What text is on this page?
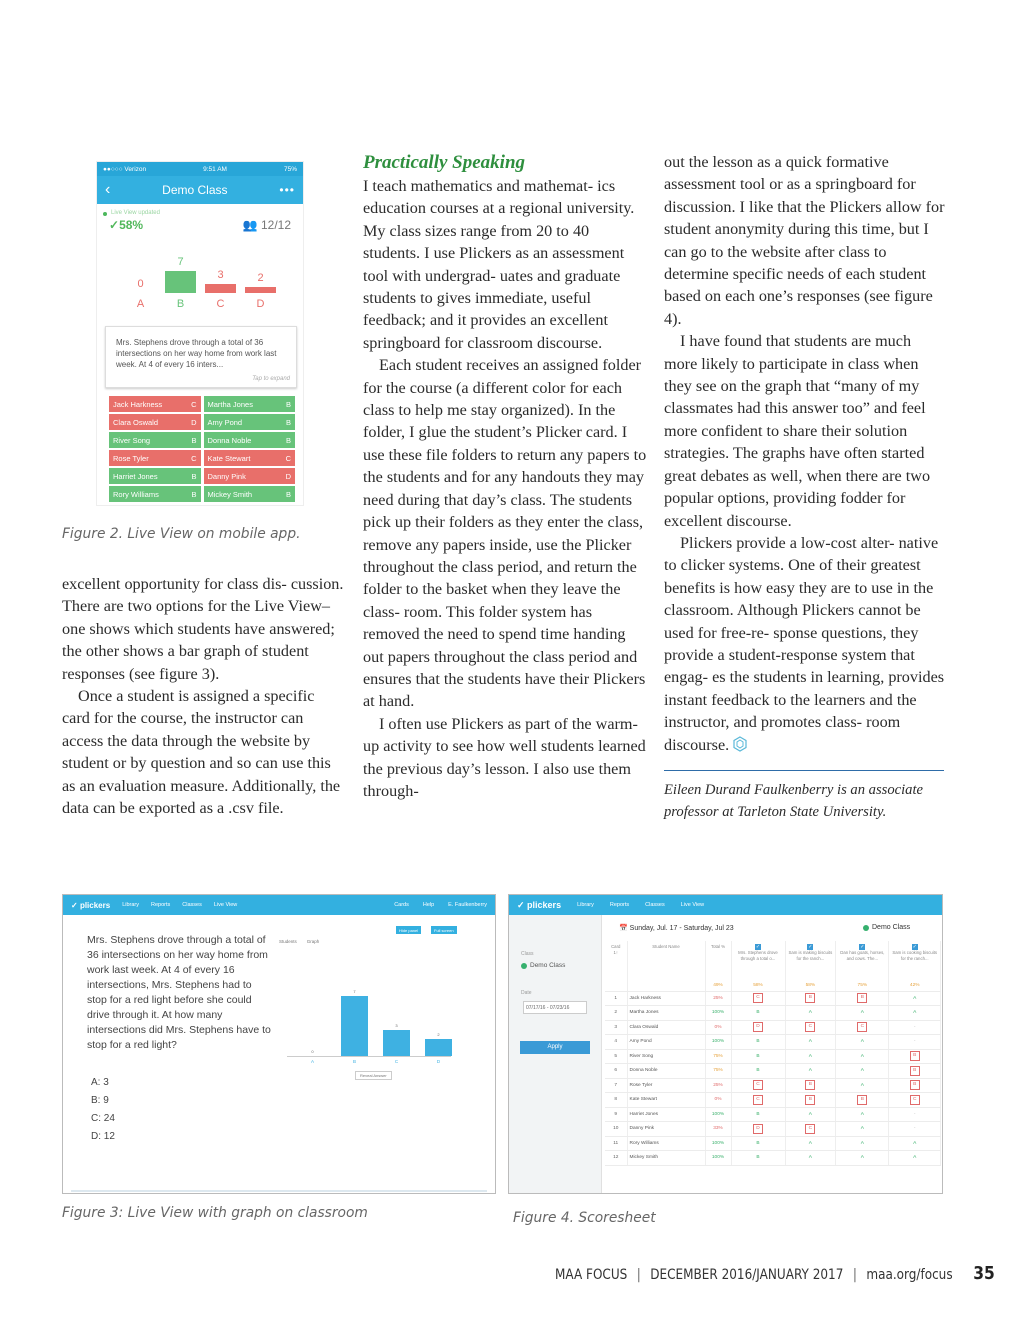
●●○○○ Verizon	9:51 AM	75%
‹	Demo Class	•••
Live View updated
✓58%	👥 12/12
0
A
7
B
3
C
2
D
Mrs. Stephens drove through a total of 36 intersections on her way home from work last week. At 4 of every 16 inters...
Tap to expand
Jack Harkness	C Martha Jones	B
Clara Oswald	D Amy Pond	B
River Song	B Donna Noble	B
Rose Tyler	C Kate Stewart	C
Harriet Jones	B Danny Pink	D
Rory Williams	B Mickey Smith	B
Figure 2. Live View on mobile app.

excellent opportunity for class dis- cussion. There are two options for the Live View–one shows which students have answered; the other shows a bar graph of student responses (see figure 3).

Once a student is assigned a specific card for the course, the instructor can access the data through the website by student or by question and so can use this as an evaluation measure. Additionally, the data can be exported as a .csv file.

Practically Speaking

I teach mathematics and mathemat- ics education courses at a regional university. My class sizes range from 20 to 40 students. I use Plickers as an assessment tool with undergrad- uates and graduate students to gives immediate, useful feedback; and it provides an excellent springboard for classroom discourse.

Each student receives an assigned folder for the course (a different color for each class to help me stay organized). In the folder, I glue the student’s Plicker card. I use these file folders to return any papers to the students and for any handouts they may need during that day’s class. The students pick up their folders as they enter the class, remove any papers inside, use the Plicker throughout the class period, and return the folder to the basket when they leave the class- room. This folder system has removed the need to spend time handing out papers throughout the class period and ensures that the students have their Plickers at hand.

I often use Plickers as part of the warm-up activity to see how well students learned the previous day’s lesson. I also use them through-

out the lesson as a quick formative assessment tool or as a springboard for discussion. I like that the Plickers allow for student anonymity during this time, but I can go to the website after class to determine specific needs of each student based on each one’s responses (see figure 4).

I have found that students are much more likely to participate in class when they see on the graph that “many of my classmates had this answer too” and feel more confident to share their solution strategies. The graphs have often started great debates as well, when there are two popular options, providing fodder for excellent discourse.

Plickers provide a low-cost alter- native to clicker systems. One of their greatest benefits is how easy they are to use in the classroom. Although Plickers cannot be used for free-re- sponse questions, they provide a student-response system that engag- es the students in learning, provides instant feedback to the learners and the instructor, and promotes class- room discourse.

Eileen Durand Faulkenberry is an associate professor at Tarleton State University.

✓ plickers Library Reports Classes Live View	Cards	Help	E. Faulkenberry
Mrs. Stephens drove through a total of 36 intersections on her way home from work last week. At 4 of every 16 intersections, Mrs. Stephens had to stop for a red light before she could drive through it. At how many intersections did Mrs. Stephens have to stop for a red light?
A: 3
B: 9
C: 24
D: 12
Students Graph
Hide panel	Full screen
0
A
7
B
3
C
2
D
Reveal Answer
Figure 3: Live View with graph on classroom
✓ plickers	Library	Reports	Classes	Live View
Class
Demo Class
Date
07/17/16 - 07/23/16
Apply
📅 Sunday, Jul. 17 - Saturday, Jul 23	Demo Class
Card
1↑	Student Name	Total %	✓
Mrs. Stephens drove through a total o...	✓
Sam is making biscuits for the ranch...	✓
Dan has goats, horses, and cows. The...	✓
Sam is cooking biscuits for the ranch...
		49%	58%	58%	75%	42%
1	Jack Harkness	25%	C	B	B	A
2	Martha Jones	100%	B	A	A	A
3	Clara Oswald	0%	D	C	C	-
4	Amy Pond	100%	B	A	A	-
5	River Song	75%	B	A	A	B
6	Donna Noble	75%	B	A	A	B
7	Rose Tyler	25%	C	B	A	B
8	Kate Stewart	0%	C	B	B	C
9	Harriet Jones	100%	B	A	A	-
10	Danny Pink	33%	D	C	A	-
11	Rory Williams	100%	B	A	A	A
12	Mickey Smith	100%	B	A	A	A
Figure 4. Scoresheet
MAA FOCUS | DECEMBER 2016/JANUARY 2017 | maa.org/focus 35
